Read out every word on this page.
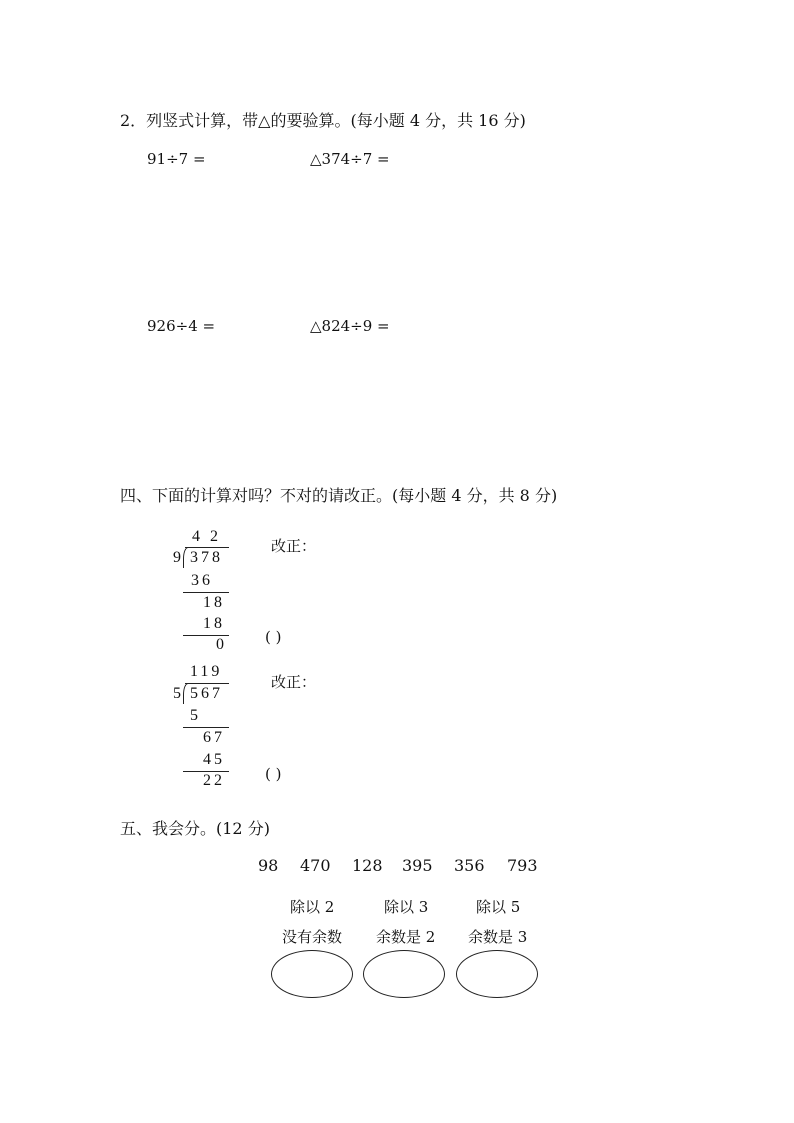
2．列竖式计算，带△的要验算。(每小题 4 分，共 16 分)
91÷7 =	△374÷7 =
926÷4 =	△824÷9 =
四、下面的计算对吗？不对的请改正。(每小题 4 分，共 8 分)
4 2
9 378
36
18
18
0
改正：
( )
119
5 567
5
67
45
22
改正：
( )
五、我会分。(12 分)
98 470 128 395 356 793
除以 2
没有余数
除以 3
余数是 2
除以 5
余数是 3
